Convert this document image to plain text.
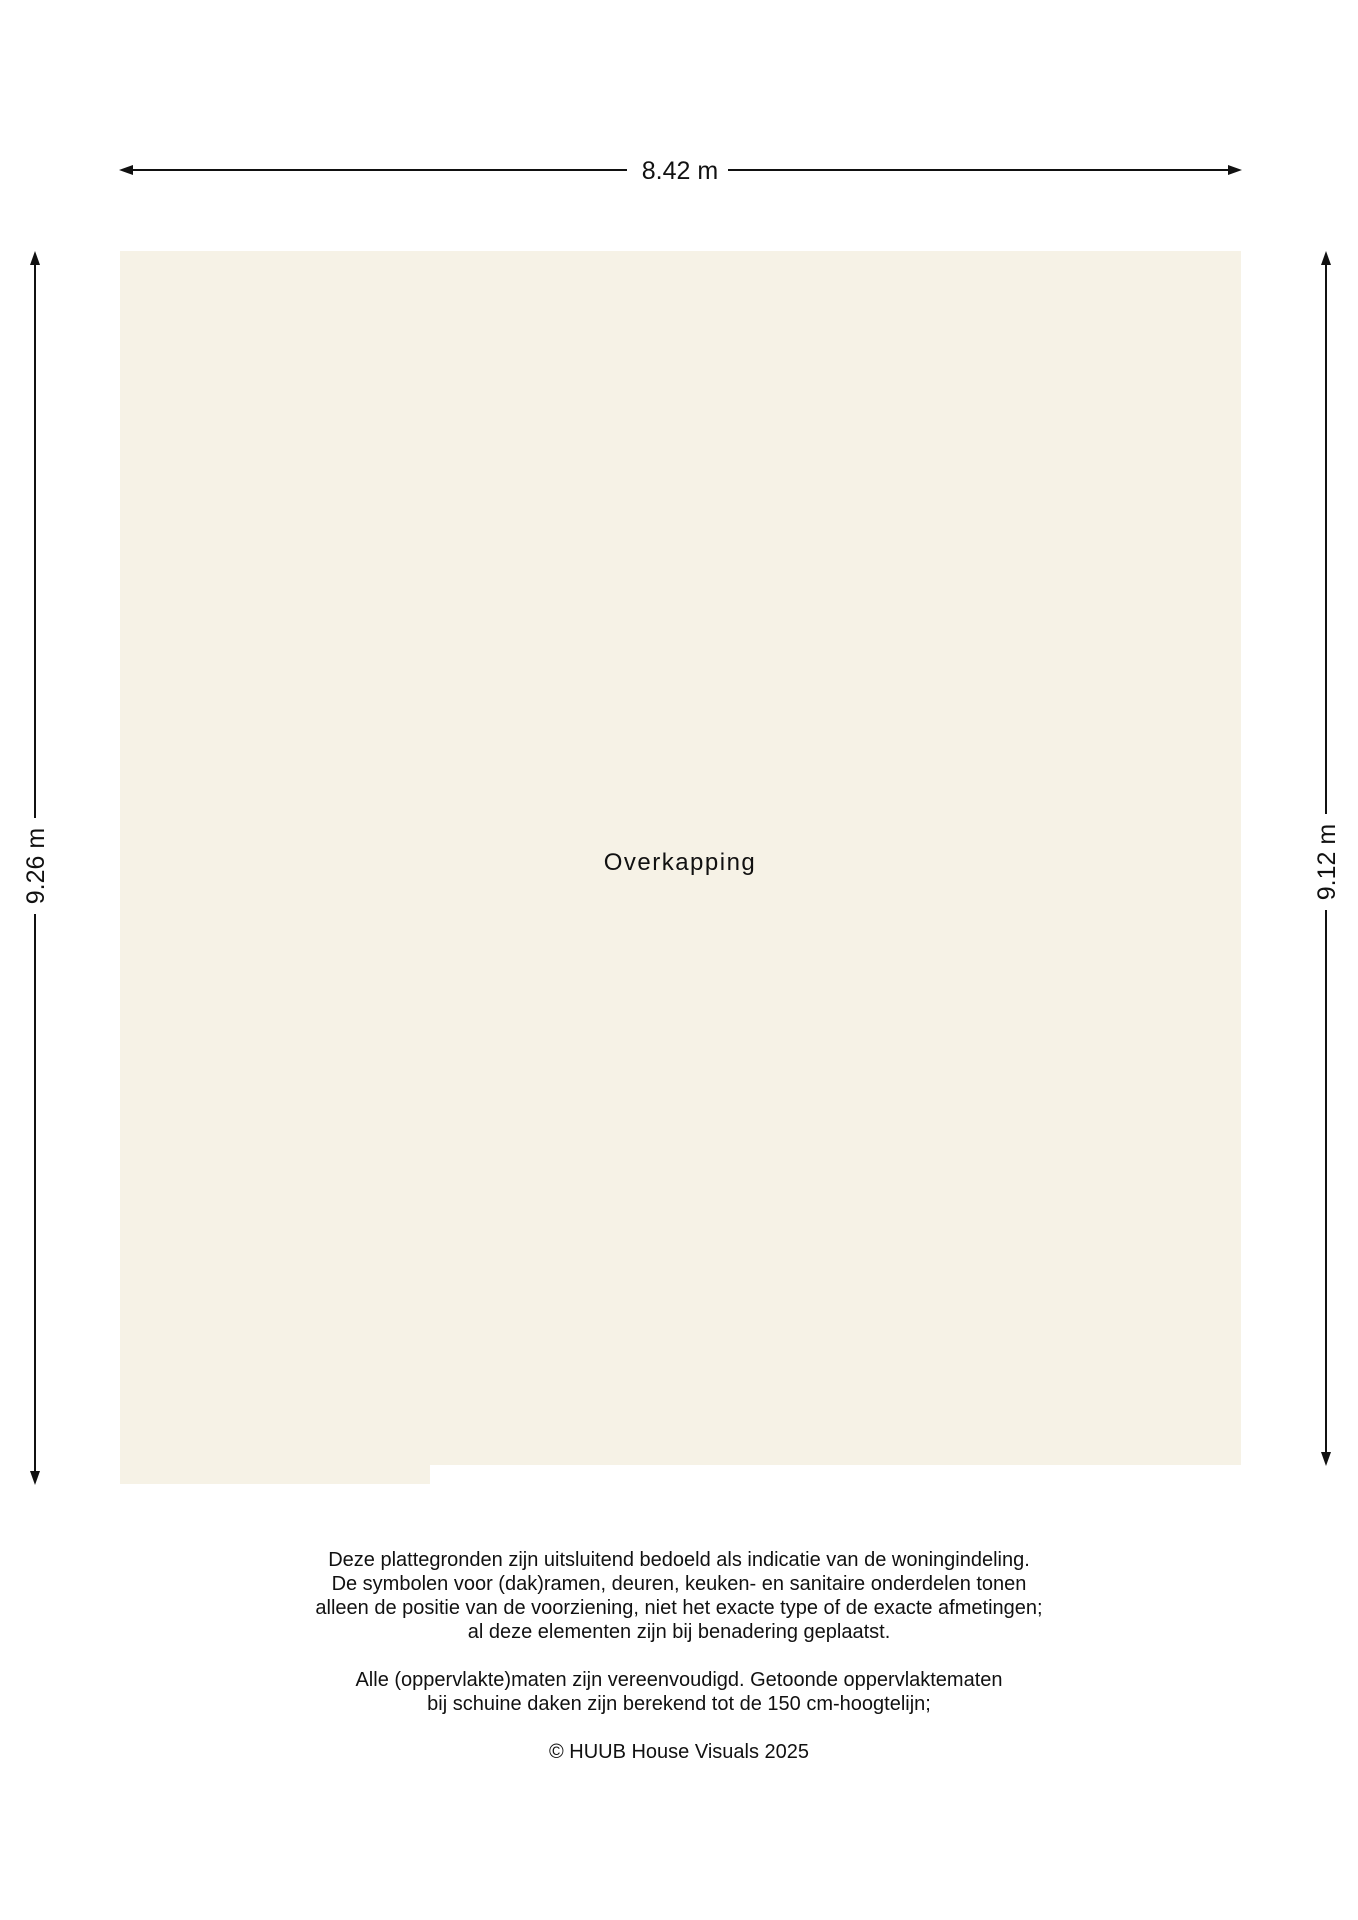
8.42 m
9.26 m	9.12 m
Overkapping
Deze plattegronden zijn uitsluitend bedoeld als indicatie van de woningindeling.
De symbolen voor (dak)ramen, deuren, keuken- en sanitaire onderdelen tonen
alleen de positie van de voorziening, niet het exacte type of de exacte afmetingen;
al deze elementen zijn bij benadering geplaatst.
Alle (oppervlakte)maten zijn vereenvoudigd. Getoonde oppervlaktematen
bij schuine daken zijn berekend tot de 150 cm-hoogtelijn;
© HUUB House Visuals 2025
